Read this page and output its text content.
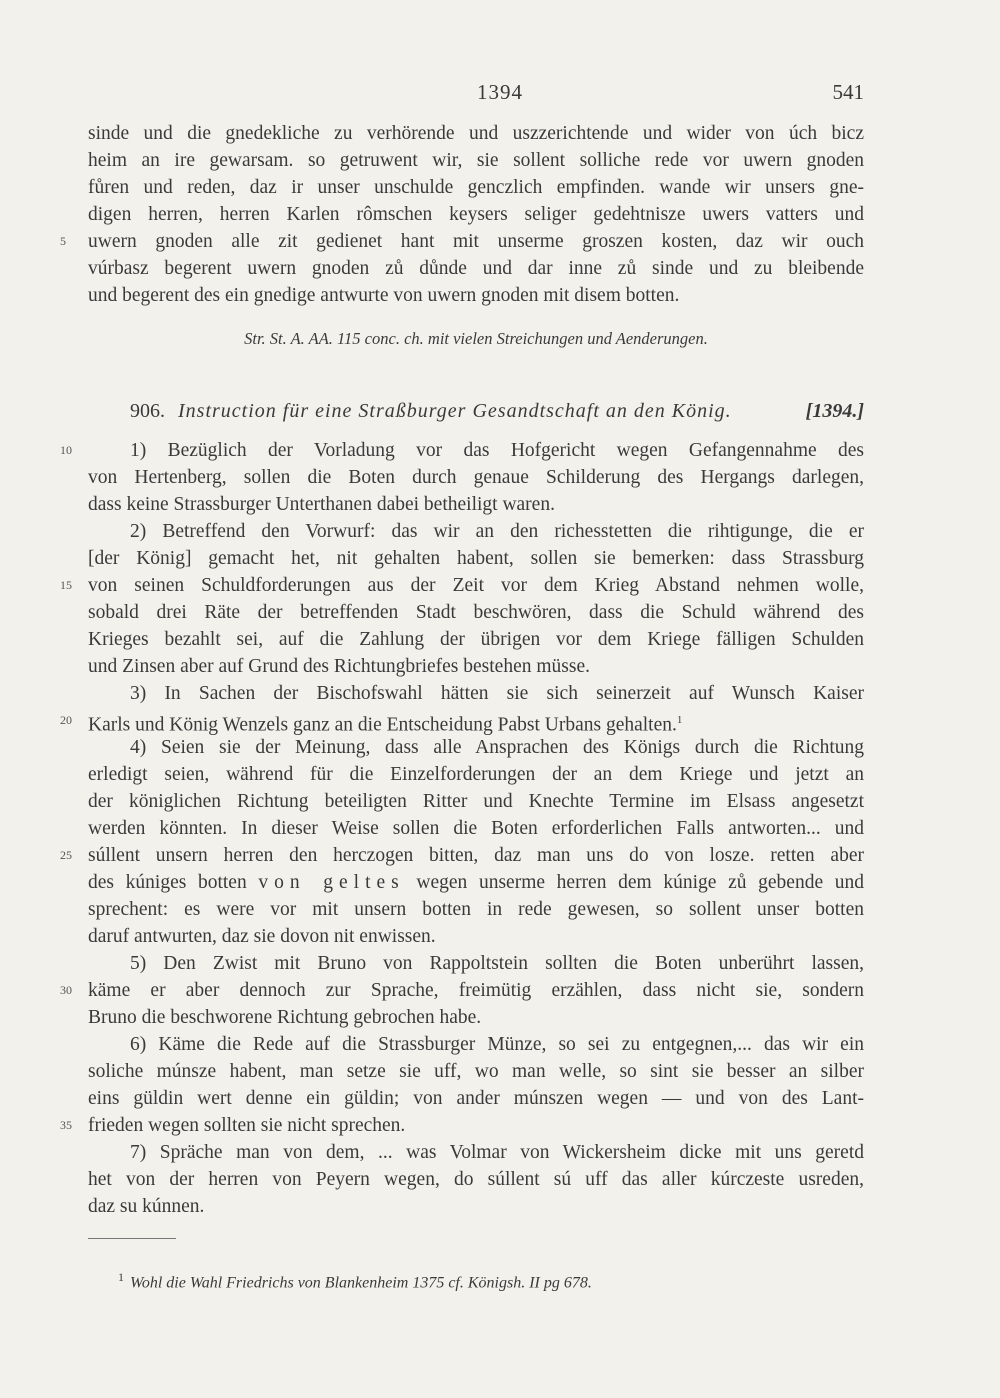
1394	541
sinde und die gnedekliche zu verhörende und uszzerichtende und wider von úch bicz
heim an ire gewarsam. so getruwent wir, sie sollent solliche rede vor uwern gnoden
fůren und reden, daz ir unser unschulde genczlich empfinden. wande wir unsers gne-
digen herren, herren Karlen rômschen keysers seliger gedehtnisze uwers vatters und
5	uwern gnoden alle zit gedienet hant mit unserme groszen kosten, daz wir ouch
vúrbasz begerent uwern gnoden zů důnde und dar inne zů sinde und zu bleibende
und begerent des ein gnedige antwurte von uwern gnoden mit disem botten.
Str. St. A. AA. 115 conc. ch. mit vielen Streichungen und Aenderungen.
906. Instruction für eine Straßburger Gesandtschaft an den König.	[1394.]
10	1) Bezüglich der Vorladung vor das Hofgericht wegen Gefangennahme des
von Hertenberg, sollen die Boten durch genaue Schilderung des Hergangs darlegen,
dass keine Strassburger Unterthanen dabei betheiligt waren.
2) Betreffend den Vorwurf: das wir an den richesstetten die rihtigunge, die er
[der König] gemacht het, nit gehalten habent, sollen sie bemerken: dass Strassburg
15 von seinen Schuldforderungen aus der Zeit vor dem Krieg Abstand nehmen wolle,
sobald drei Räte der betreffenden Stadt beschwören, dass die Schuld während des
Krieges bezahlt sei, auf die Zahlung der übrigen vor dem Kriege fälligen Schulden
und Zinsen aber auf Grund des Richtungbriefes bestehen müsse.
3) In Sachen der Bischofswahl hätten sie sich seinerzeit auf Wunsch Kaiser
20 Karls und König Wenzels ganz an die Entscheidung Pabst Urbans gehalten.$^1$
4) Seien sie der Meinung, dass alle Ansprachen des Königs durch die Richtung
erledigt seien, während für die Einzelforderungen der an dem Kriege und jetzt an
der königlichen Richtung beteiligten Ritter und Knechte Termine im Elsass angesetzt
werden könnten. In dieser Weise sollen die Boten erforderlichen Falls antworten... und
25 súllent unsern herren den herczogen bitten, daz man uns do von losze. retten aber
des kúniges botten von geltes wegen unserme herren dem kúnige zů gebende und
sprechent: es were vor mit unsern botten in rede gewesen, so sollent unser botten
daruf antwurten, daz sie dovon nit enwissen.
5) Den Zwist mit Bruno von Rappoltstein sollten die Boten unberührt lassen,
30 käme er aber dennoch zur Sprache, freimütig erzählen, dass nicht sie, sondern
Bruno die beschworene Richtung gebrochen habe.
6) Käme die Rede auf die Strassburger Münze, so sei zu entgegnen,... das wir ein
soliche múnsze habent, man setze sie uff, wo man welle, so sint sie besser an silber
eins güldin wert denne ein güldin; von ander múnszen wegen — und von des Lant-
35 frieden wegen sollten sie nicht sprechen.
7) Spräche man von dem, ... was Volmar von Wickersheim dicke mit uns geretd
het von der herren von Peyern wegen, do súllent sú uff das aller kúrczeste usreden,
daz su kúnnen.
$^1$ Wohl die Wahl Friedrichs von Blankenheim 1375 cf. Königsh. II pg 678.
